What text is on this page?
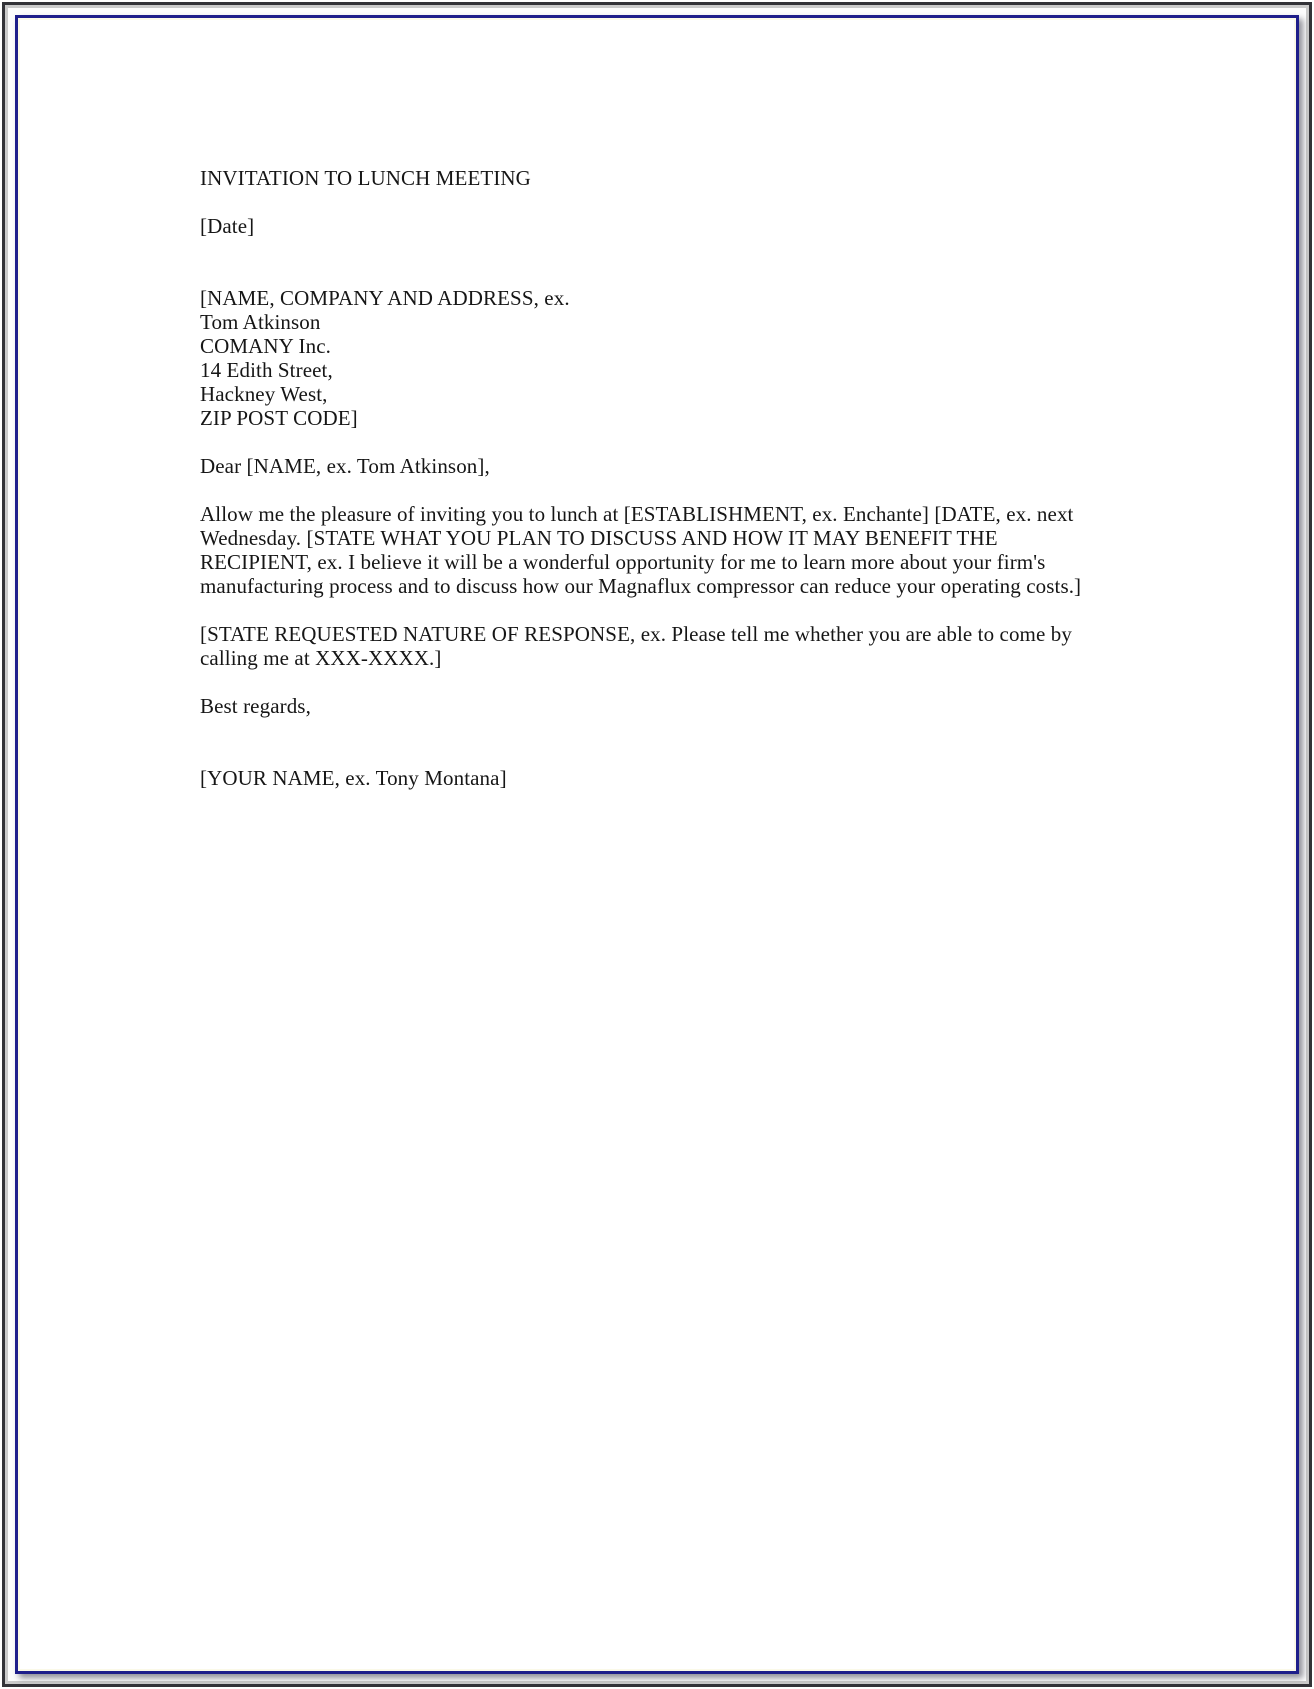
INVITATION TO LUNCH MEETING

[Date]

[NAME, COMPANY AND ADDRESS, ex.
Tom Atkinson
COMANY Inc.
14 Edith Street,
Hackney West,
ZIP POST CODE]

Dear [NAME, ex. Tom Atkinson],

Allow me the pleasure of inviting you to lunch at [ESTABLISHMENT, ex. Enchante] [DATE, ex. next
Wednesday. [STATE WHAT YOU PLAN TO DISCUSS AND HOW IT MAY BENEFIT THE
RECIPIENT, ex. I believe it will be a wonderful opportunity for me to learn more about your firm's
manufacturing process and to discuss how our Magnaflux compressor can reduce your operating costs.]
[STATE REQUESTED NATURE OF RESPONSE, ex. Please tell me whether you are able to come by
calling me at XXX-XXXX.]

Best regards,

[YOUR NAME, ex. Tony Montana]
